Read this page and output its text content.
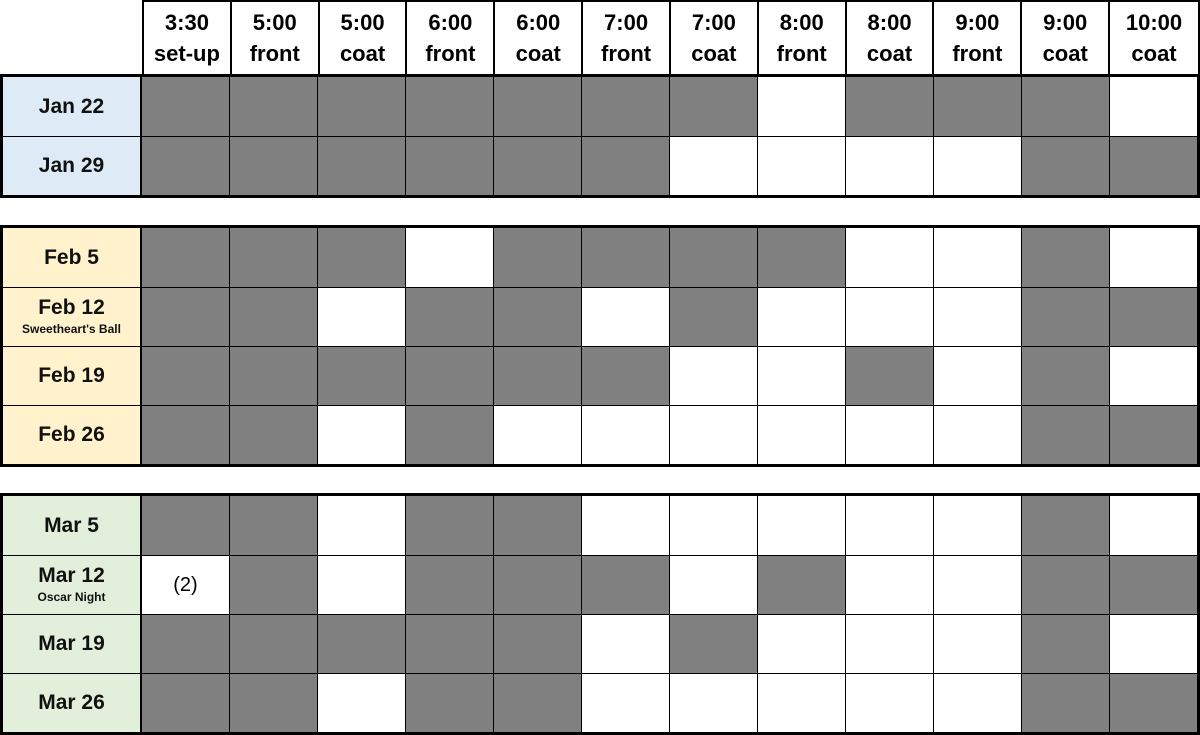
3:30
set-up
5:00
front
5:00
coat
6:00
front
6:00
coat
7:00
front
7:00
coat
8:00
front
8:00
coat
9:00
front
9:00
coat
10:00
coat
Jan 22
Jan 29
Feb 5
Feb 12
Sweetheart's Ball
Feb 19
Feb 26
Mar 5
Mar 12
Oscar Night
(2)
Mar 19
Mar 26
